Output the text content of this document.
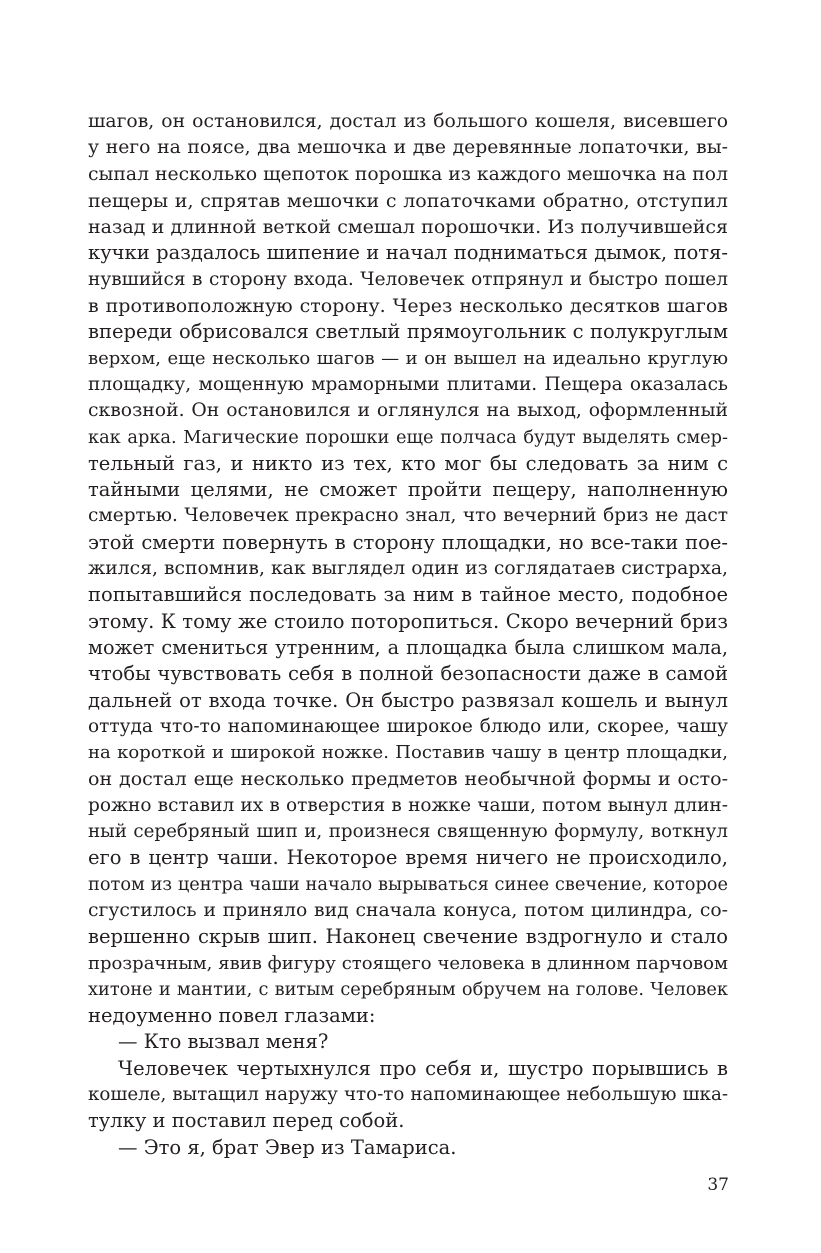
шагов, он остановился, достал из большого кошеля, висевшего
у него на поясе, два мешочка и две деревянные лопаточки, вы-
сыпал несколько щепоток порошка из каждого мешочка на пол
пещеры и, спрятав мешочки с лопаточками обратно, отступил
назад и длинной веткой смешал порошочки. Из получившейся
кучки раздалось шипение и начал подниматься дымок, потя-
нувшийся в сторону входа. Человечек отпрянул и быстро пошел
в противоположную сторону. Через несколько десятков шагов
впереди обрисовался светлый прямоугольник с полукруглым
верхом, еще несколько шагов — и он вышел на идеально круглую
площадку, мощенную мраморными плитами. Пещера оказалась
сквозной. Он остановился и оглянулся на выход, оформленный
как арка. Магические порошки еще полчаса будут выделять смер-
тельный газ, и никто из тех, кто мог бы следовать за ним с
тайными целями, не сможет пройти пещеру, наполненную
смертью. Человечек прекрасно знал, что вечерний бриз не даст
этой смерти повернуть в сторону площадки, но все-таки пое-
жился, вспомнив, как выглядел один из соглядатаев систрарха,
попытавшийся последовать за ним в тайное место, подобное
этому. К тому же стоило поторопиться. Скоро вечерний бриз
может смениться утренним, а площадка была слишком мала,
чтобы чувствовать себя в полной безопасности даже в самой
дальней от входа точке. Он быстро развязал кошель и вынул
оттуда что-то напоминающее широкое блюдо или, скорее, чашу
на короткой и широкой ножке. Поставив чашу в центр площадки,
он достал еще несколько предметов необычной формы и осто-
рожно вставил их в отверстия в ножке чаши, потом вынул длин-
ный серебряный шип и, произнеся священную формулу, воткнул
его в центр чаши. Некоторое время ничего не происходило,
потом из центра чаши начало вырываться синее свечение, которое
сгустилось и приняло вид сначала конуса, потом цилиндра, со-
вершенно скрыв шип. Наконец свечение вздрогнуло и стало
прозрачным, явив фигуру стоящего человека в длинном парчовом
хитоне и мантии, с витым серебряным обручем на голове. Человек
недоуменно повел глазами:
— Кто вызвал меня?
Человечек чертыхнулся про себя и, шустро порывшись в
кошеле, вытащил наружу что-то напоминающее небольшую шка-
тулку и поставил перед собой.
— Это я, брат Эвер из Тамариса.
37
